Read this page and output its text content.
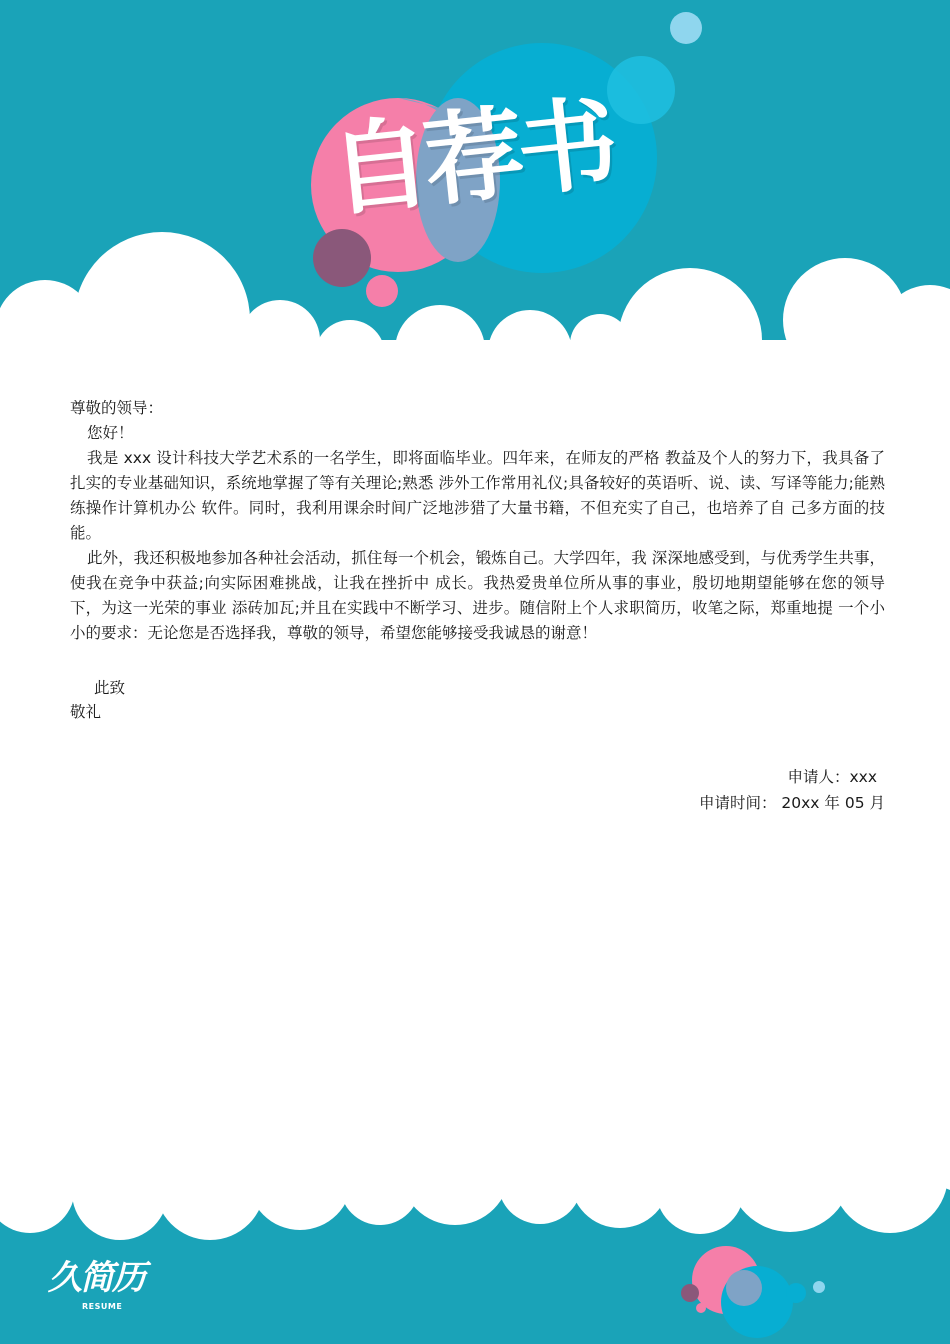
自荐书

尊敬的领导：

您好！

我是 xxx 设计科技大学艺术系的一名学生，即将面临毕业。四年来，在师友的严格 教益及个人的努力下，我具备了扎实的专业基础知识，系统地掌握了等有关理论;熟悉 涉外工作常用礼仪;具备较好的英语听、说、读、写译等能力;能熟练操作计算机办公 软件。同时，我利用课余时间广泛地涉猎了大量书籍，不但充实了自己，也培养了自 己多方面的技能。

此外，我还积极地参加各种社会活动，抓住每一个机会，锻炼自己。大学四年，我 深深地感受到，与优秀学生共事，使我在竞争中获益;向实际困难挑战，让我在挫折中 成长。我热爱贵单位所从事的事业，殷切地期望能够在您的领导下，为这一光荣的事业 添砖加瓦;并且在实践中不断学习、进步。随信附上个人求职简历，收笔之际，郑重地提 一个小小的要求：无论您是否选择我，尊敬的领导，希望您能够接受我诚恳的谢意！

此致
敬礼
申请人：xxx
申请时间： 20xx 年 05 月
久简历
RESUME
